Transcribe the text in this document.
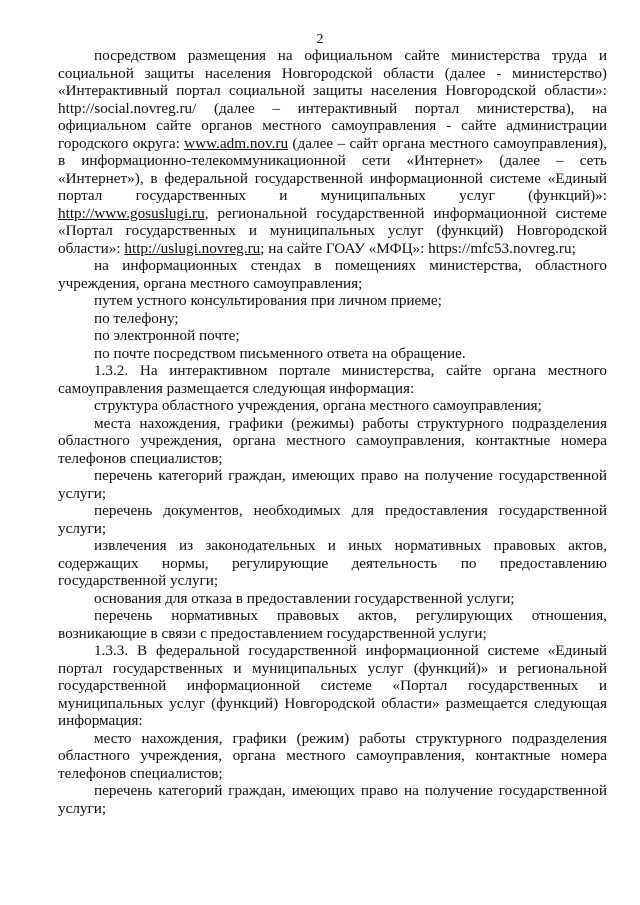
2

посредством размещения на официальном сайте министерства труда и социальной защиты населения Новгородской области (далее - министерство) «Интерактивный портал социальной защиты населения Новгородской области»: http://social.novreg.ru/ (далее – интерактивный портал министерства), на официальном сайте органов местного самоуправления - сайте администрации городского округа: www.adm.nov.ru (далее – сайт органа местного самоуправления), в информационно-телекоммуникационной сети «Интернет» (далее – сеть «Интернет»), в федеральной государственной информационной системе «Единый портал государственных и муниципальных услуг (функций)»: http://www.gosuslugi.ru, региональной государственной информационной системе «Портал государственных и муниципальных услуг (функций) Новгородской области»: http://uslugi.novreg.ru; на сайте ГОАУ «МФЦ»: https://mfc53.novreg.ru;

на информационных стендах в помещениях министерства, областного учреждения, органа местного самоуправления;

путем устного консультирования при личном приеме;

по телефону;

по электронной почте;

по почте посредством письменного ответа на обращение.

1.3.2. На интерактивном портале министерства, сайте органа местного самоуправления размещается следующая информация:

структура областного учреждения, органа местного самоуправления;

места нахождения, графики (режимы) работы структурного подразделения областного учреждения, органа местного самоуправления, контактные номера телефонов специалистов;

перечень категорий граждан, имеющих право на получение государственной услуги;

перечень документов, необходимых для предоставления государственной услуги;

извлечения из законодательных и иных нормативных правовых актов, содержащих нормы, регулирующие деятельность по предоставлению государственной услуги;

основания для отказа в предоставлении государственной услуги;

перечень нормативных правовых актов, регулирующих отношения, возникающие в связи с предоставлением государственной услуги;

1.3.3. В федеральной государственной информационной системе «Единый портал государственных и муниципальных услуг (функций)» и региональной государственной информационной системе «Портал государственных и муниципальных услуг (функций) Новгородской области» размещается следующая информация:

место нахождения, графики (режим) работы структурного подразделения областного учреждения, органа местного самоуправления, контактные номера телефонов специалистов;

перечень категорий граждан, имеющих право на получение государственной услуги;
